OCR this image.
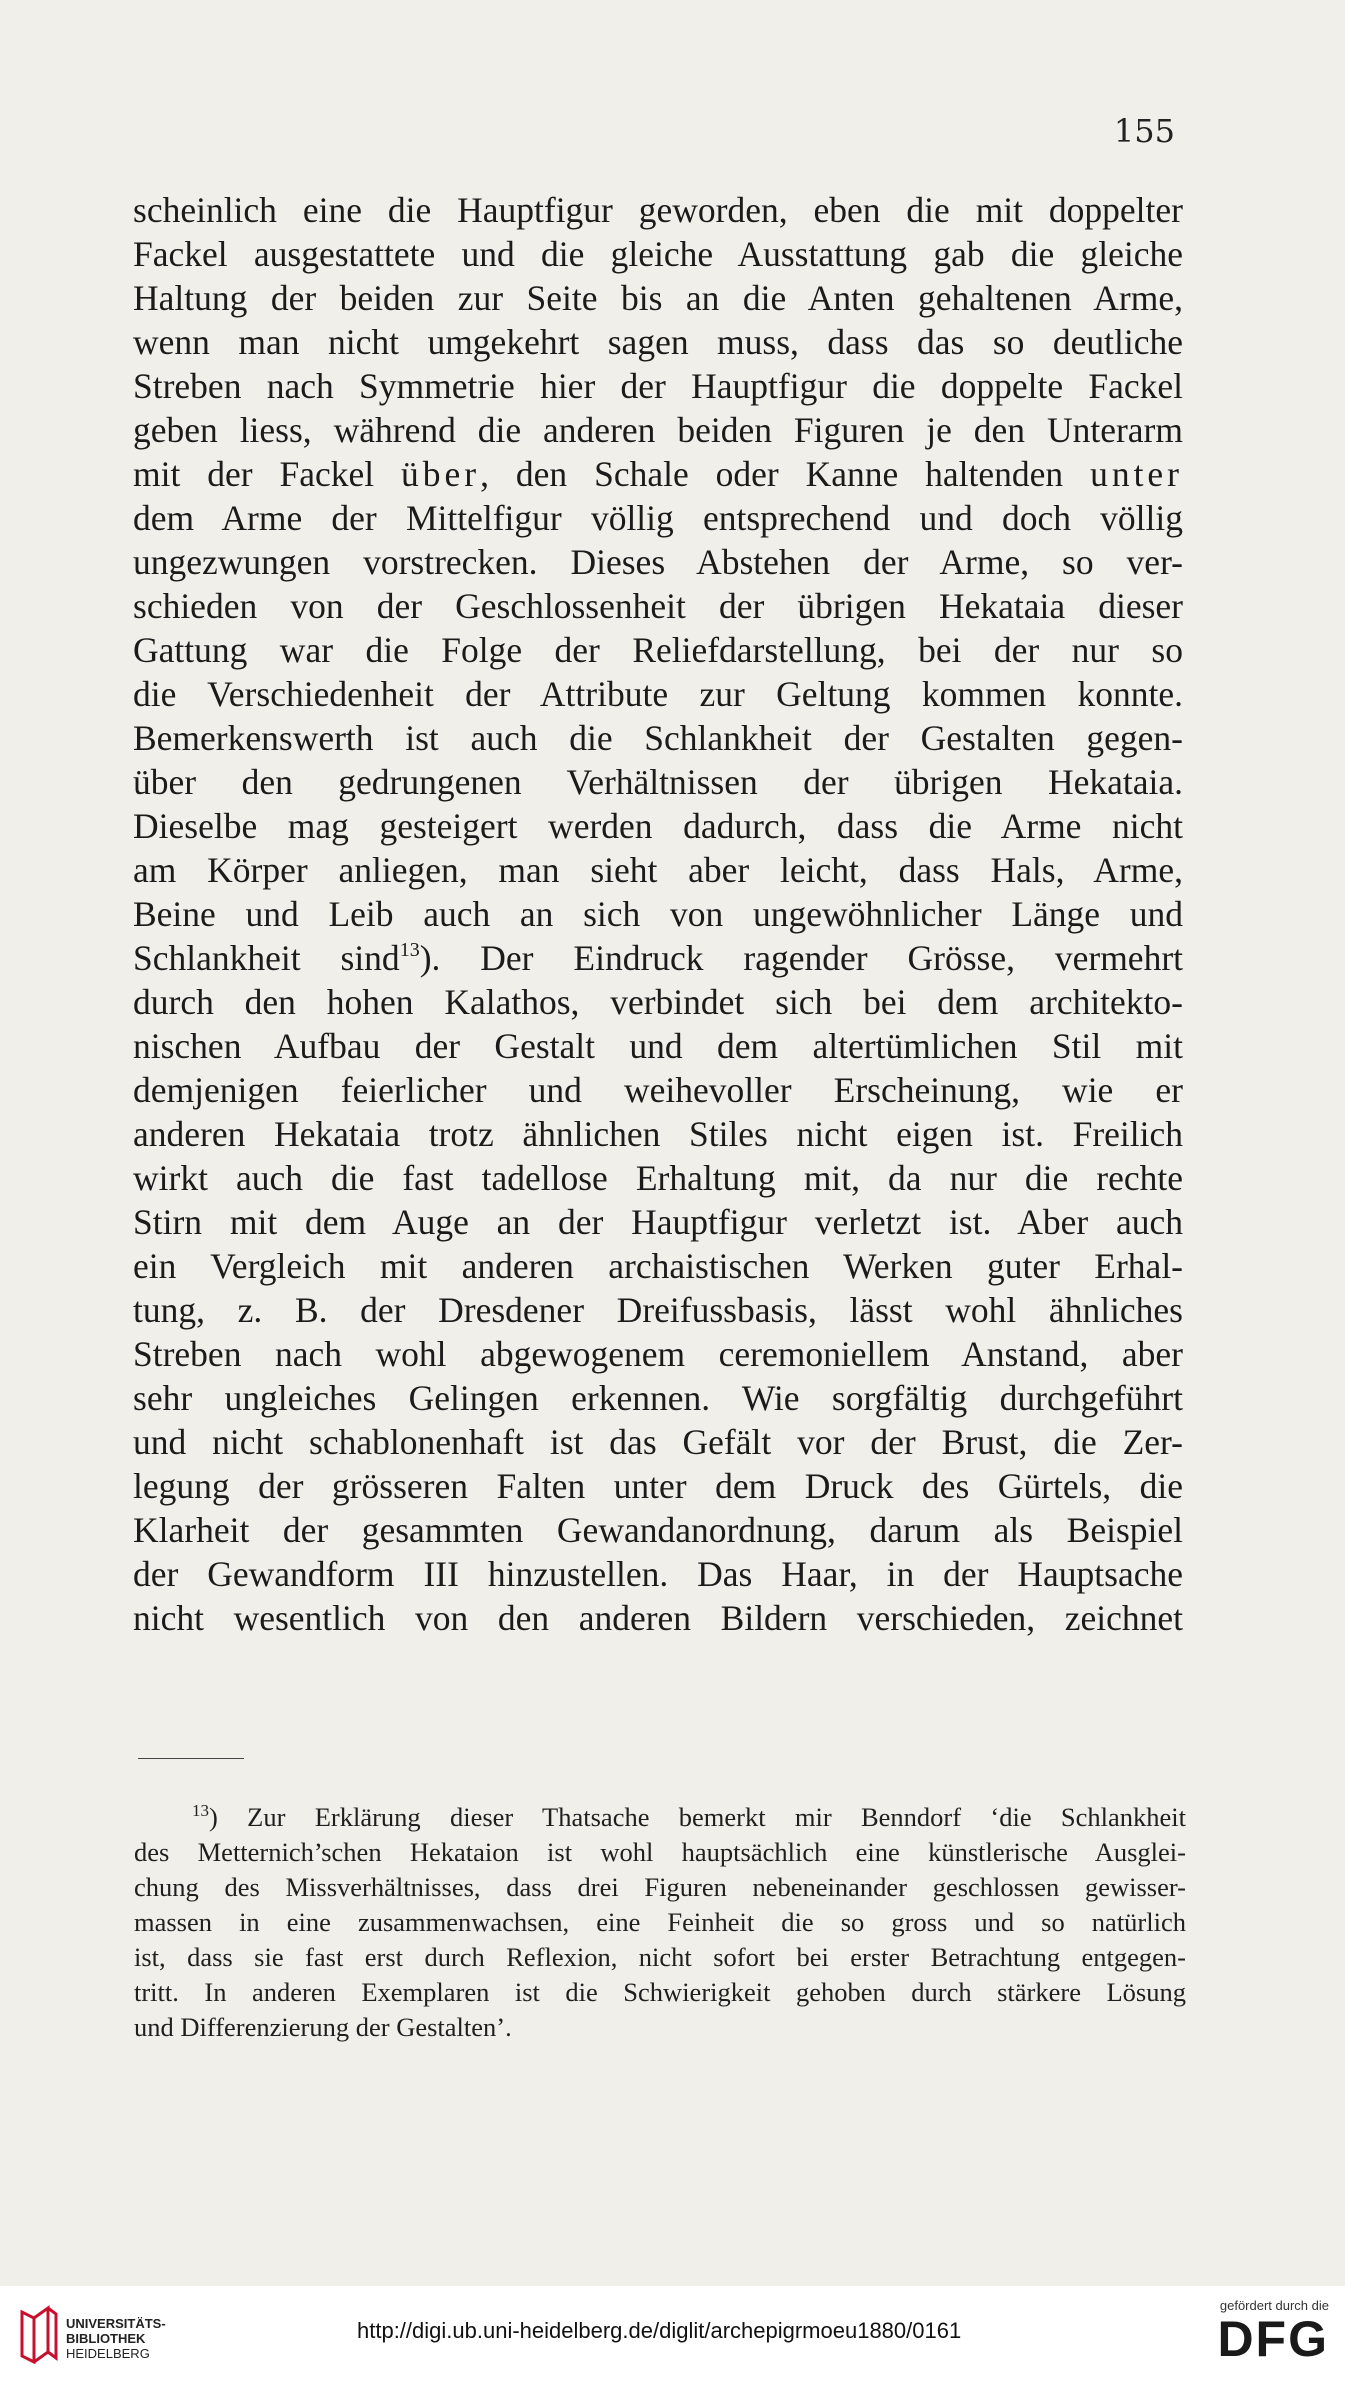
155
scheinlich eine die Hauptfigur geworden, eben die mit doppelter
Fackel ausgestattete und die gleiche Ausstattung gab die gleiche
Haltung der beiden zur Seite bis an die Anten gehaltenen Arme,
wenn man nicht umgekehrt sagen muss, dass das so deutliche
Streben nach Symmetrie hier der Hauptfigur die doppelte Fackel
geben liess, während die anderen beiden Figuren je den Unterarm
mit der Fackel über, den Schale oder Kanne haltenden unter
dem Arme der Mittelfigur völlig entsprechend und doch völlig
ungezwungen vorstrecken. Dieses Abstehen der Arme, so ver-
schieden von der Geschlossenheit der übrigen Hekataia dieser
Gattung war die Folge der Reliefdarstellung, bei der nur so
die Verschiedenheit der Attribute zur Geltung kommen konnte.
Bemerkenswerth ist auch die Schlankheit der Gestalten gegen-
über den gedrungenen Verhältnissen der übrigen Hekataia.
Dieselbe mag gesteigert werden dadurch, dass die Arme nicht
am Körper anliegen, man sieht aber leicht, dass Hals, Arme,
Beine und Leib auch an sich von ungewöhnlicher Länge und
Schlankheit sind$^{13}$). Der Eindruck ragender Grösse, vermehrt
durch den hohen Kalathos, verbindet sich bei dem architekto-
nischen Aufbau der Gestalt und dem altertümlichen Stil mit
demjenigen feierlicher und weihevoller Erscheinung, wie er
anderen Hekataia trotz ähnlichen Stiles nicht eigen ist. Freilich
wirkt auch die fast tadellose Erhaltung mit, da nur die rechte
Stirn mit dem Auge an der Hauptfigur verletzt ist. Aber auch
ein Vergleich mit anderen archaistischen Werken guter Erhal-
tung, z. B. der Dresdener Dreifussbasis, lässt wohl ähnliches
Streben nach wohl abgewogenem ceremoniellem Anstand, aber
sehr ungleiches Gelingen erkennen. Wie sorgfältig durchgeführt
und nicht schablonenhaft ist das Gefält vor der Brust, die Zer-
legung der grösseren Falten unter dem Druck des Gürtels, die
Klarheit der gesammten Gewandanordnung, darum als Beispiel
der Gewandform III hinzustellen. Das Haar, in der Hauptsache
nicht wesentlich von den anderen Bildern verschieden, zeichnet
$^{13}$) Zur Erklärung dieser Thatsache bemerkt mir Benndorf ‘die Schlankheit
des Metternich’schen Hekataion ist wohl hauptsächlich eine künstlerische Ausglei-
chung des Missverhältnisses, dass drei Figuren nebeneinander geschlossen gewisser-
massen in eine zusammenwachsen, eine Feinheit die so gross und so natürlich
ist, dass sie fast erst durch Reflexion, nicht sofort bei erster Betrachtung entgegen-
tritt. In anderen Exemplaren ist die Schwierigkeit gehoben durch stärkere Lösung
und Differenzierung der Gestalten’.
UNIVERSITÄTS-
BIBLIOTHEK
HEIDELBERG
http://digi.ub.uni-heidelberg.de/diglit/archepigrmoeu1880/0161
gefördert durch die
DFG
